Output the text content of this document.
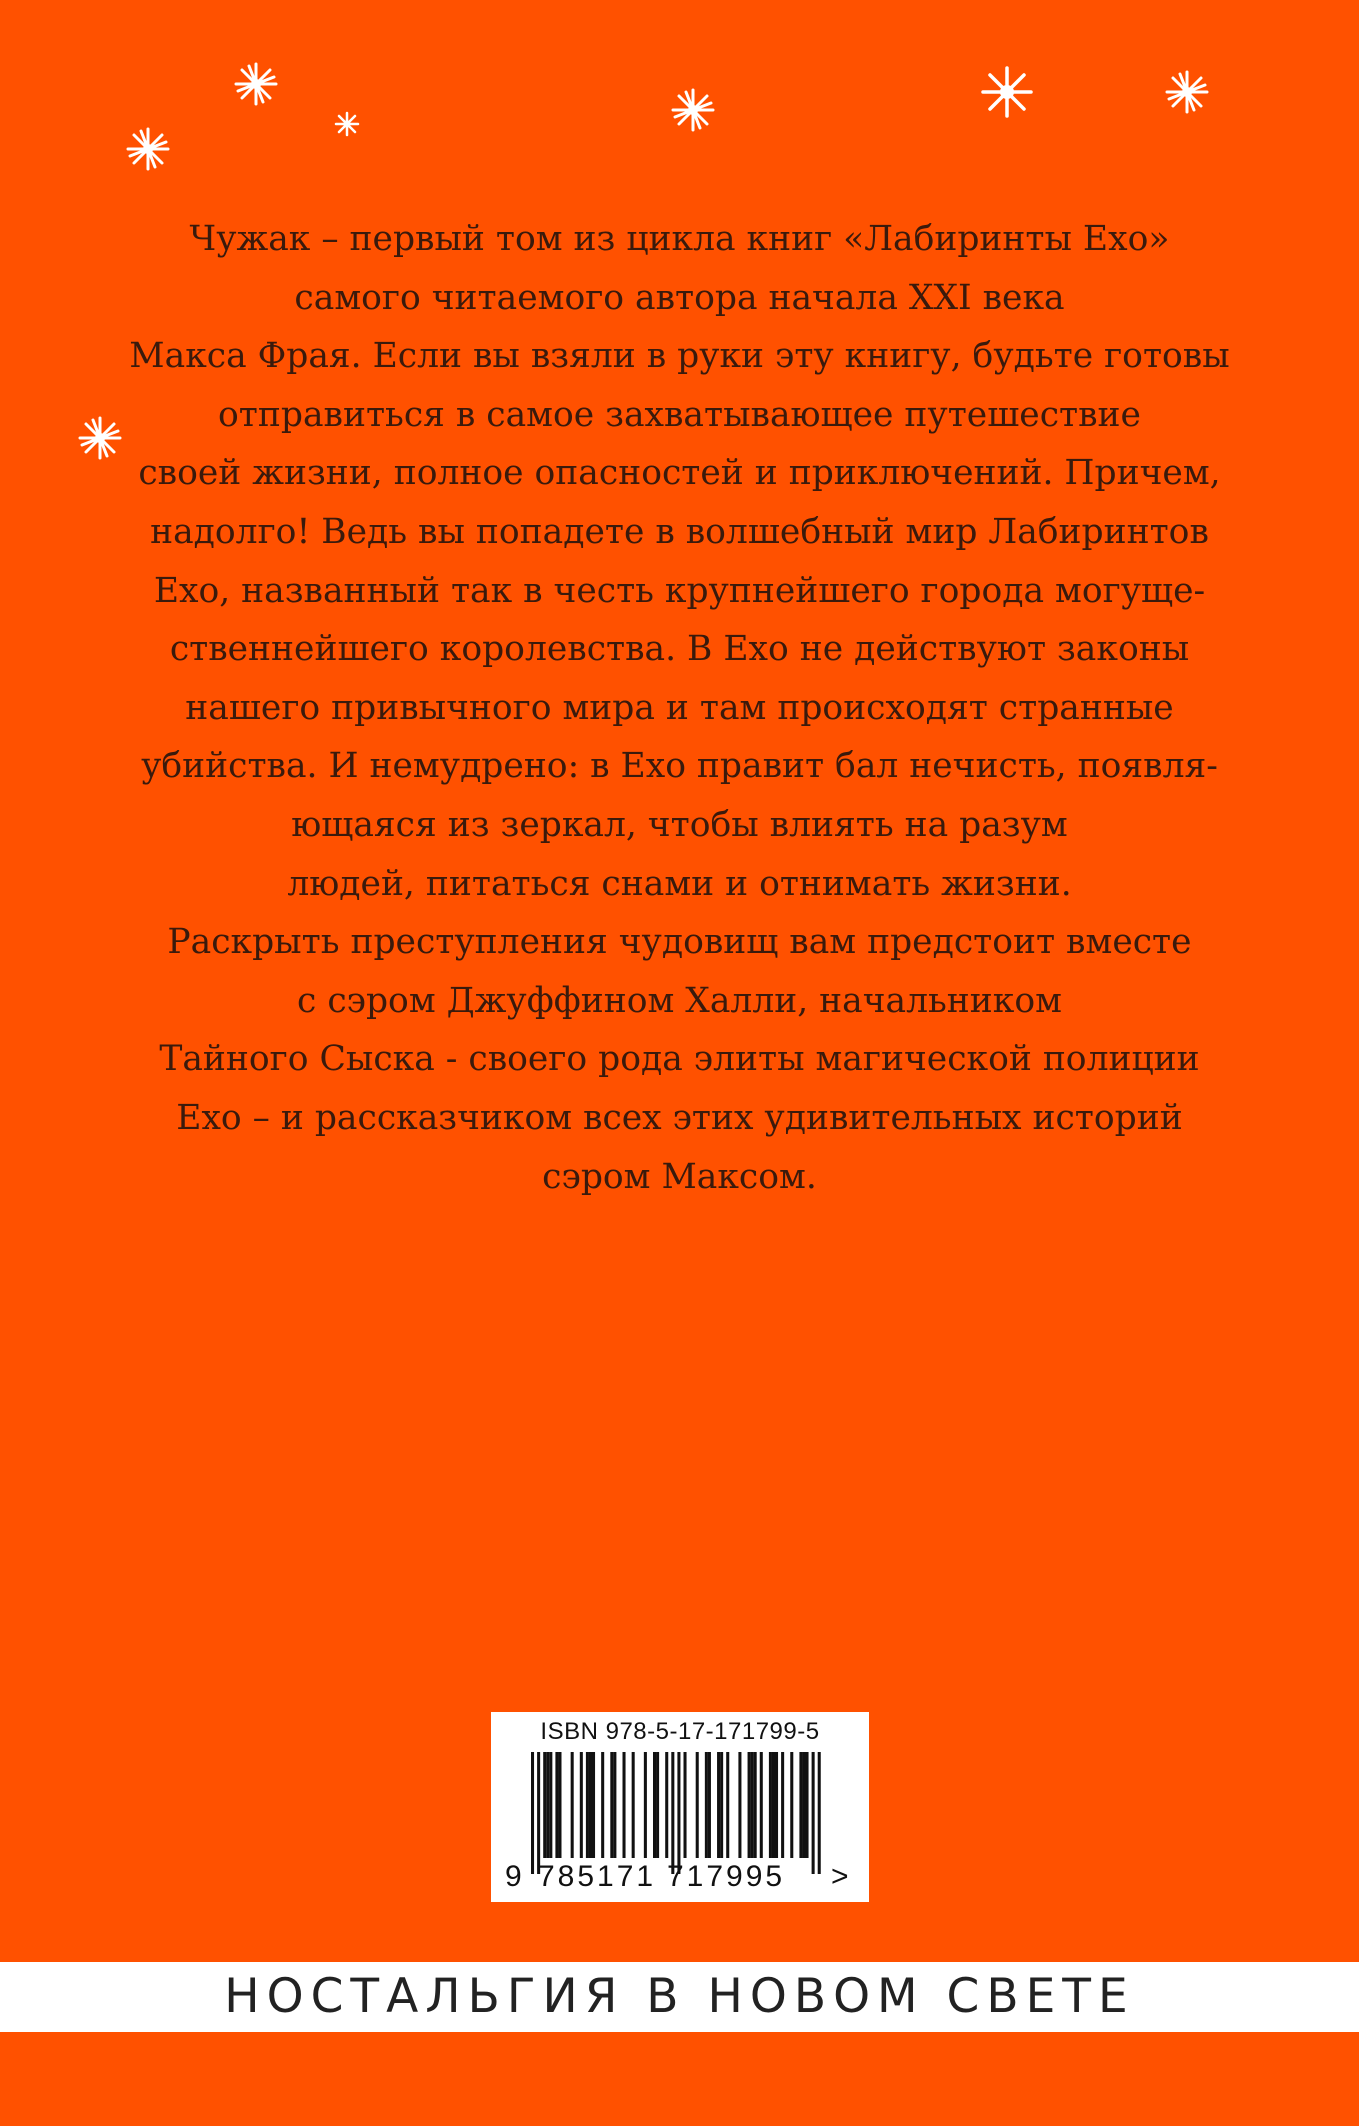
Чужак – первый том из цикла книг «Лабиринты Ехо»
самого читаемого автора начала XXI века
Макса Фрая. Если вы взяли в руки эту книгу, будьте готовы
отправиться в самое захватывающее путешествие
своей жизни, полное опасностей и приключений. Причем,
надолго! Ведь вы попадете в волшебный мир Лабиринтов
Ехо, названный так в честь крупнейшего города могуще-
ственнейшего королевства. В Ехо не действуют законы
нашего привычного мира и там происходят странные
убийства. И немудрено: в Ехо правит бал нечисть, появля-
ющаяся из зеркал, чтобы влиять на разум
людей, питаться снами и отнимать жизни.
Раскрыть преступления чудовищ вам предстоит вместе
с сэром Джуффином Халли, начальником
Тайного Сыска - своего рода элиты магической полиции
Ехо – и рассказчиком всех этих удивительных историй
сэром Максом.
ISBN 978-5-17-171799-5
9 785171 717995 >
НОСТАЛЬГИЯ В НОВОМ СВЕТЕ
